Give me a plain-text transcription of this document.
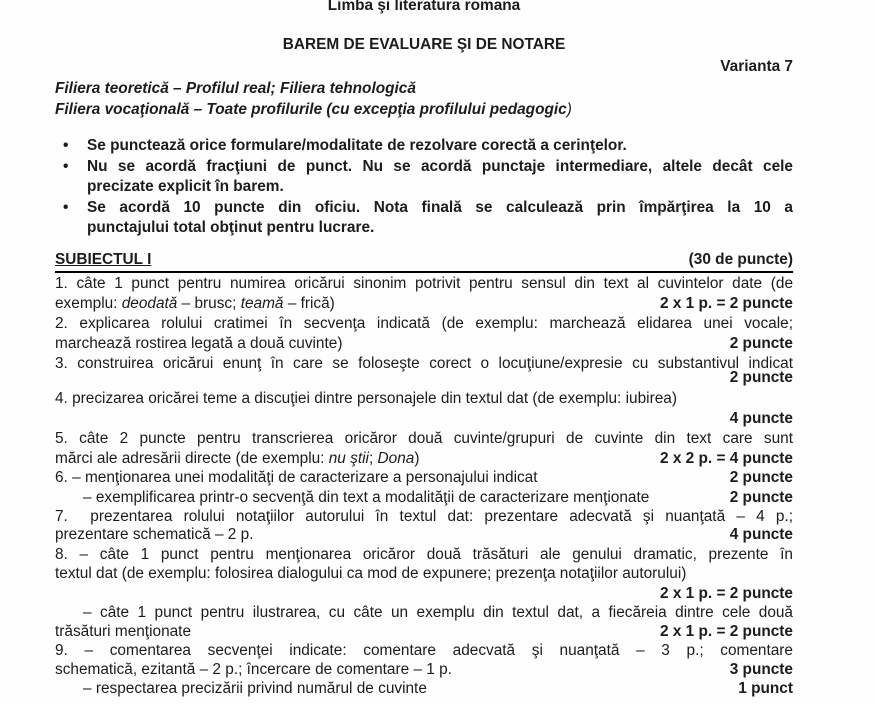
Limba şi literatura romana
BAREM DE EVALUARE ŞI DE NOTARE
Varianta 7
Filiera teoretică – Profilul real; Filiera tehnologică
Filiera vocaţională – Toate profilurile (cu excepţia profilului pedagogic)
•	Se punctează orice formulare/modalitate de rezolvare corectă a cerinţelor.
•	Nu se acordă fracţiuni de punct. Nu se acordă punctaje intermediare, altele decât cele
precizate explicit în barem.
•	Se acordă 10 puncte din oficiu. Nota finală se calculează prin împărţirea la 10 a
punctajului total obţinut pentru lucrare.
SUBIECTUL I	(30 de puncte)
1. câte 1 punct pentru numirea oricărui sinonim potrivit pentru sensul din text al cuvintelor date (de
exemplu: deodată – brusc; teamă – frică)	2 x 1 p. = 2 puncte
2. explicarea rolului cratimei în secvenţa indicată (de exemplu: marchează elidarea unei vocale;
marchează rostirea legată a două cuvinte)	2 puncte
3. construirea oricărui enunţ în care se foloseşte corect o locuţiune/expresie cu substantivul indicat
2 puncte
4. precizarea oricărei teme a discuţiei dintre personajele din textul dat (de exemplu: iubirea)
4 puncte
5. câte 2 puncte pentru transcrierea oricăror două cuvinte/grupuri de cuvinte din text care sunt
mărci ale adresării directe (de exemplu: nu ştii; Dona)	2 x 2 p. = 4 puncte
6. – menţionarea unei modalităţi de caracterizare a personajului indicat	2 puncte
– exemplificarea printr-o secvenţă din text a modalităţii de caracterizare menţionate	2 puncte
7.  prezentarea rolului notaţiilor autorului în textul dat: prezentare adecvată şi nuanţată – 4 p.;
prezentare schematică – 2 p.	4 puncte
8. – câte 1 punct pentru menţionarea oricăror două trăsături ale genului dramatic, prezente în
textul dat (de exemplu: folosirea dialogului ca mod de expunere; prezenţa notaţiilor autorului)
2 x 1 p. = 2 puncte
– câte 1 punct pentru ilustrarea, cu câte un exemplu din textul dat, a fiecăreia dintre cele două
trăsături menţionate	2 x 1 p. = 2 puncte
9. – comentarea secvenţei indicate: comentare adecvată şi nuanţată – 3 p.; comentare
schematică, ezitantă – 2 p.; încercare de comentare – 1 p.	3 puncte
– respectarea precizării privind numărul de cuvinte	1 punct
